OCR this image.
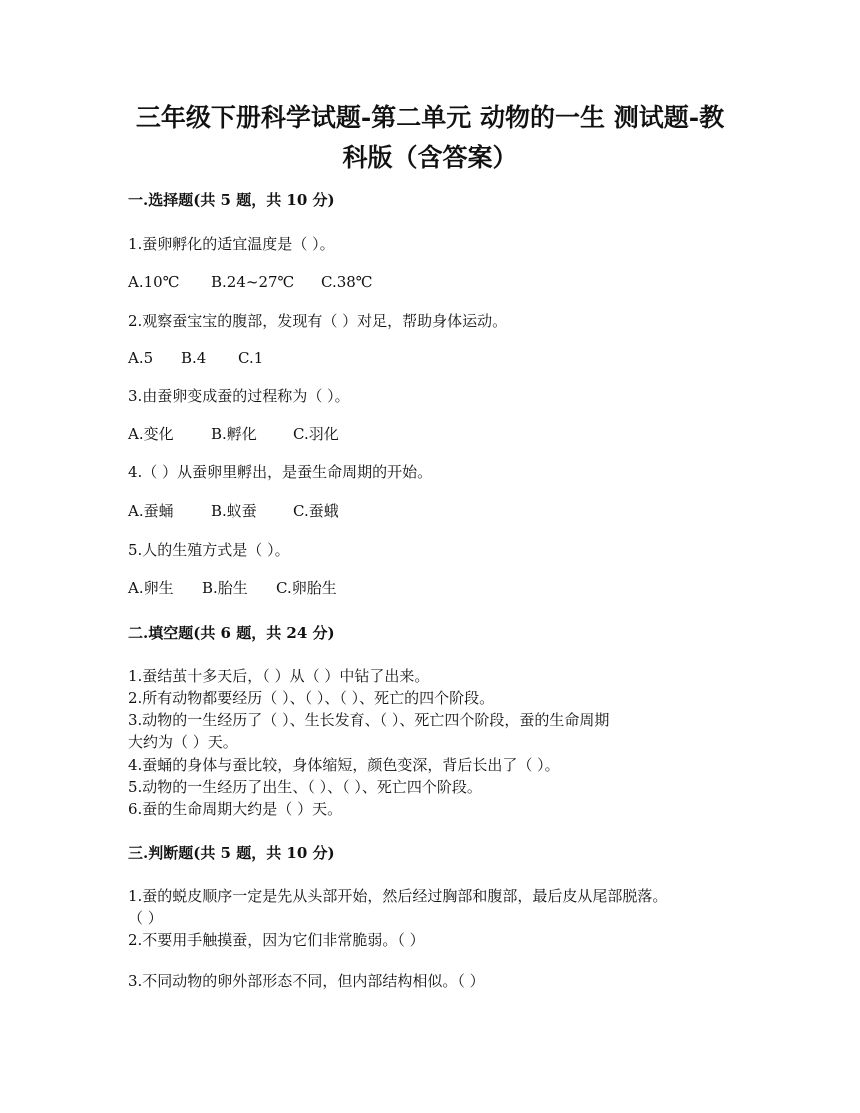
三年级下册科学试题-第二单元 动物的一生 测试题-教
科版（含答案）
一.选择题(共 5 题，共 10 分)
1.蚕卵孵化的适宜温度是（ ）。
A.10℃ B.24~27℃ C.38℃
2.观察蚕宝宝的腹部，发现有（ ）对足，帮助身体运动。
A.5 B.4 C.1
3.由蚕卵变成蚕的过程称为（ ）。
A.变化 B.孵化 C.羽化
4.（ ）从蚕卵里孵出，是蚕生命周期的开始。
A.蚕蛹 B.蚁蚕 C.蚕蛾
5.人的生殖方式是（ ）。
A.卵生 B.胎生 C.卵胎生
二.填空题(共 6 题，共 24 分)
1.蚕结茧十多天后，（ ）从（ ）中钻了出来。
2.所有动物都要经历（ ）、（ ）、（ ）、死亡的四个阶段。
3.动物的一生经历了（ ）、生长发育、（ ）、死亡四个阶段，蚕的生命周期
大约为（ ）天。
4.蚕蛹的身体与蚕比较，身体缩短，颜色变深，背后长出了（ ）。
5.动物的一生经历了出生、（ ）、（ ）、死亡四个阶段。
6.蚕的生命周期大约是（ ）天。
三.判断题(共 5 题，共 10 分)
1.蚕的蜕皮顺序一定是先从头部开始，然后经过胸部和腹部，最后皮从尾部脱落。
（ ）
2.不要用手触摸蚕，因为它们非常脆弱。（ ）
3.不同动物的卵外部形态不同，但内部结构相似。（ ）
